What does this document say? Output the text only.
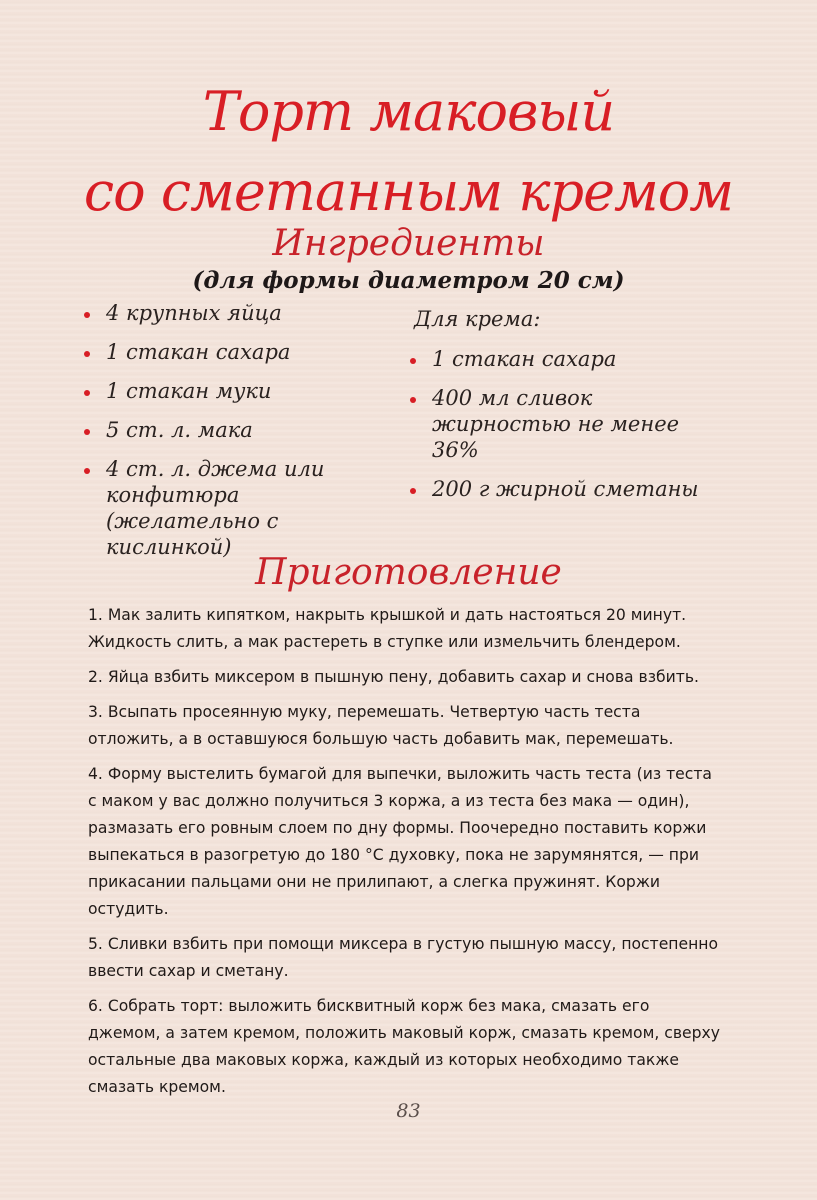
Торт маковый
со сметанным кремом
Ингредиенты
(для формы диаметром 20 см)
4 крупных яйца
1 стакан сахара
1 стакан муки
5 ст. л. мака
4 ст. л. джема или конфитюра (желательно с кислинкой)
Для крема:
1 стакан сахара
400 мл сливок жирностью не менее 36%
200 г жирной сметаны
Приготовление

1. Мак залить кипятком, накрыть крышкой и дать настояться 20 минут. Жидкость слить, а мак растереть в ступке или измельчить блендером.

2. Яйца взбить миксером в пышную пену, добавить сахар и снова взбить.

3. Всыпать просеянную муку, перемешать. Четвертую часть теста отложить, а в оставшуюся большую часть добавить мак, перемешать.

4. Форму выстелить бумагой для выпечки, выложить часть теста (из теста с маком у вас должно получиться 3 коржа, а из теста без мака — один), размазать его ровным слоем по дну формы. Поочередно поставить коржи выпекаться в разогретую до 180 °С духовку, пока не зарумянятся, — при прикасании пальцами они не прилипают, а слегка пружинят. Коржи остудить.

5. Сливки взбить при помощи миксера в густую пышную массу, постепенно ввести сахар и сметану.

6. Собрать торт: выложить бисквитный корж без мака, смазать его джемом, а затем кремом, положить маковый корж, смазать кремом, сверху остальные два маковых коржа, каждый из которых необходимо также смазать кремом.

83
